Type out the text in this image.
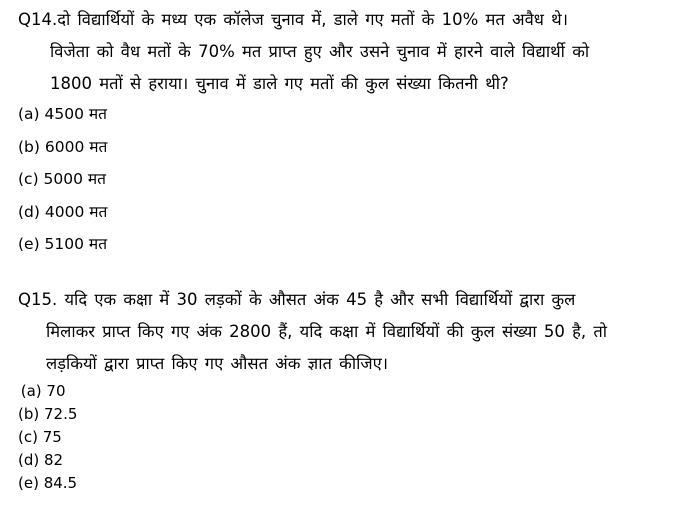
Q14.दो विद्यार्थियों के मध्य एक कॉलेज चुनाव में, डाले गए मतों के 10% मत अवैध थे।
विजेता को वैध मतों के 70% मत प्राप्त हुए और उसने चुनाव में हारने वाले विद्यार्थी को
1800 मतों से हराया। चुनाव में डाले गए मतों की कुल संख्या कितनी थी?
(a) 4500 मत
(b) 6000 मत
(c) 5000 मत
(d) 4000 मत
(e) 5100 मत
Q15. यदि एक कक्षा में 30 लड़कों के औसत अंक 45 है और सभी विद्यार्थियों द्वारा कुल
मिलाकर प्राप्त किए गए अंक 2800 हैं, यदि कक्षा में विद्यार्थियों की कुल संख्या 50 है, तो
लड़कियों द्वारा प्राप्त किए गए औसत अंक ज्ञात कीजिए।
(a) 70
(b) 72.5
(c) 75
(d) 82
(e) 84.5
